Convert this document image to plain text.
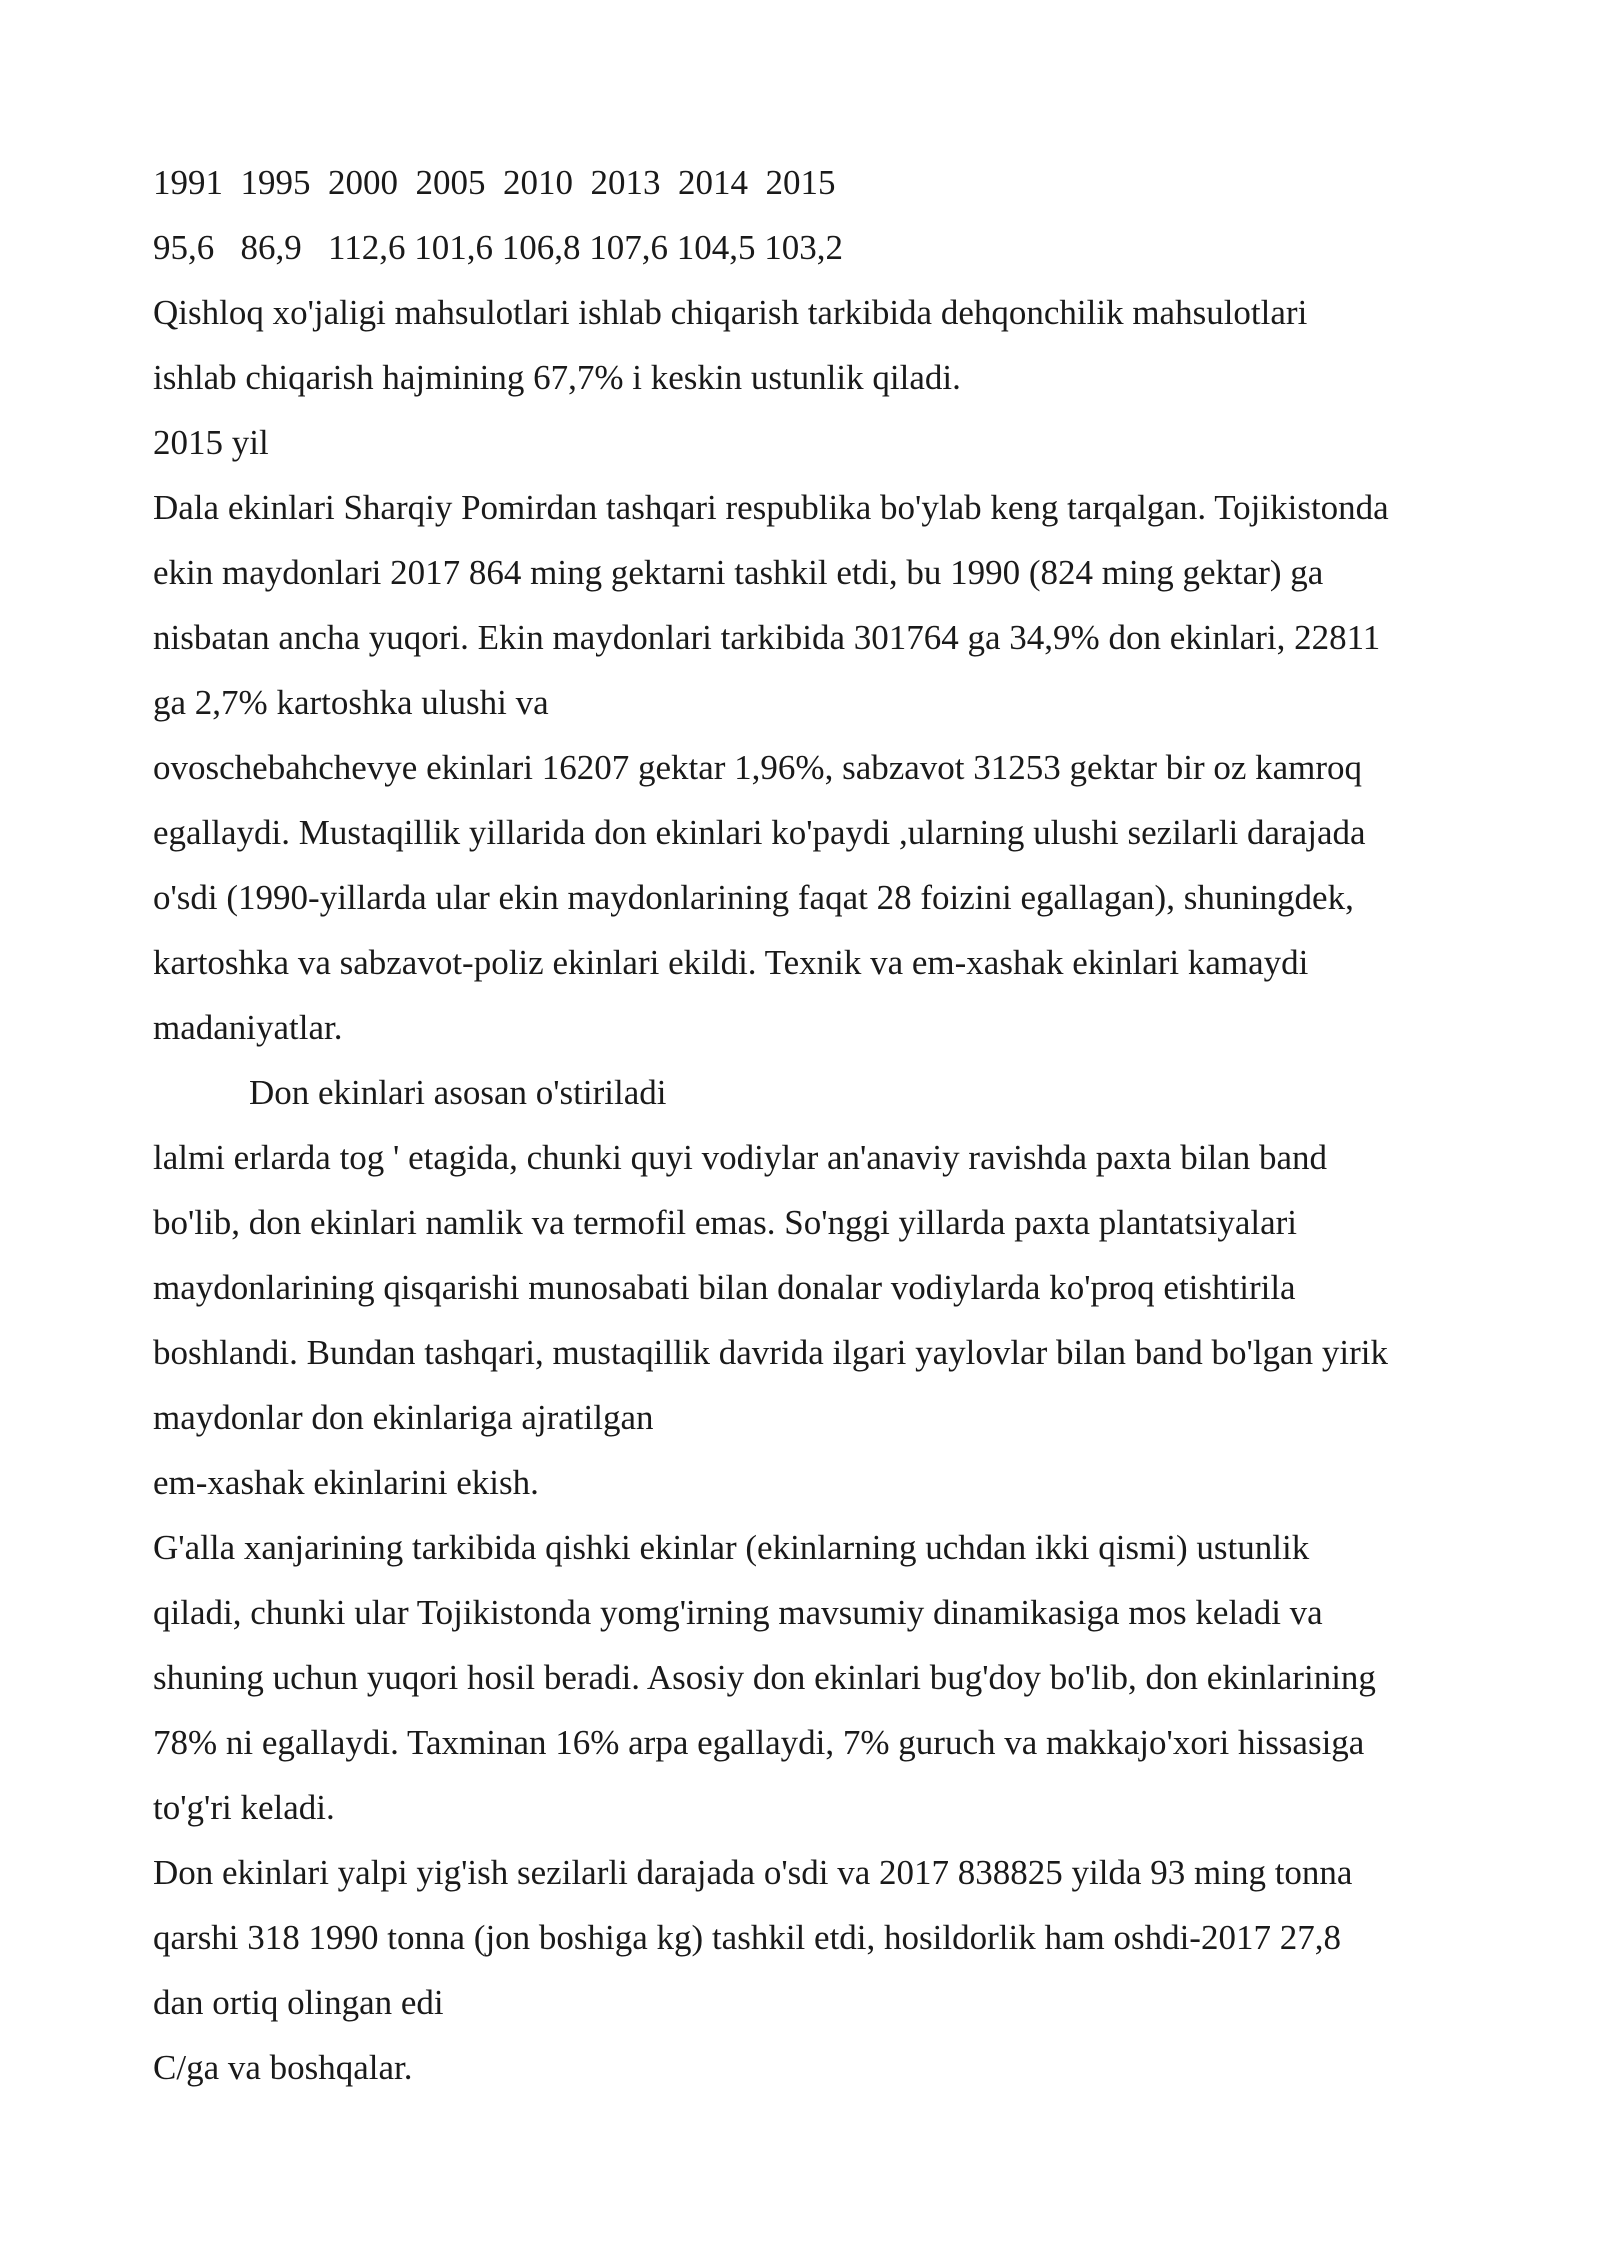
1991  1995  2000  2005  2010  2013  2014  2015
95,6   86,9   112,6 101,6 106,8 107,6 104,5 103,2
Qishloq xo'jaligi mahsulotlari ishlab chiqarish tarkibida dehqonchilik mahsulotlari
ishlab chiqarish hajmining 67,7% i keskin ustunlik qiladi.
2015 yil
Dala ekinlari Sharqiy Pomirdan tashqari respublika bo'ylab keng tarqalgan. Tojikistonda
ekin maydonlari 2017 864 ming gektarni tashkil etdi, bu 1990 (824 ming gektar) ga
nisbatan ancha yuqori. Ekin maydonlari tarkibida 301764 ga 34,9% don ekinlari, 22811
ga 2,7% kartoshka ulushi va
ovoschebahchevye ekinlari 16207 gektar 1,96%, sabzavot 31253 gektar bir oz kamroq
egallaydi. Mustaqillik yillarida don ekinlari ko'paydi ,ularning ulushi sezilarli darajada
o'sdi (1990-yillarda ular ekin maydonlarining faqat 28 foizini egallagan), shuningdek,
kartoshka va sabzavot-poliz ekinlari ekildi. Texnik va em-xashak ekinlari kamaydi
madaniyatlar.
Don ekinlari asosan o'stiriladi
lalmi erlarda tog ' etagida, chunki quyi vodiylar an'anaviy ravishda paxta bilan band
bo'lib, don ekinlari namlik va termofil emas. So'nggi yillarda paxta plantatsiyalari
maydonlarining qisqarishi munosabati bilan donalar vodiylarda ko'proq etishtirila
boshlandi. Bundan tashqari, mustaqillik davrida ilgari yaylovlar bilan band bo'lgan yirik
maydonlar don ekinlariga ajratilgan
em-xashak ekinlarini ekish.
G'alla xanjarining tarkibida qishki ekinlar (ekinlarning uchdan ikki qismi) ustunlik
qiladi, chunki ular Tojikistonda yomg'irning mavsumiy dinamikasiga mos keladi va
shuning uchun yuqori hosil beradi. Asosiy don ekinlari bug'doy bo'lib, don ekinlarining
78% ni egallaydi. Taxminan 16% arpa egallaydi, 7% guruch va makkajo'xori hissasiga
to'g'ri keladi.
Don ekinlari yalpi yig'ish sezilarli darajada o'sdi va 2017 838825 yilda 93 ming tonna
qarshi 318 1990 tonna (jon boshiga kg) tashkil etdi, hosildorlik ham oshdi-2017 27,8
dan ortiq olingan edi
C/ga va boshqalar.
